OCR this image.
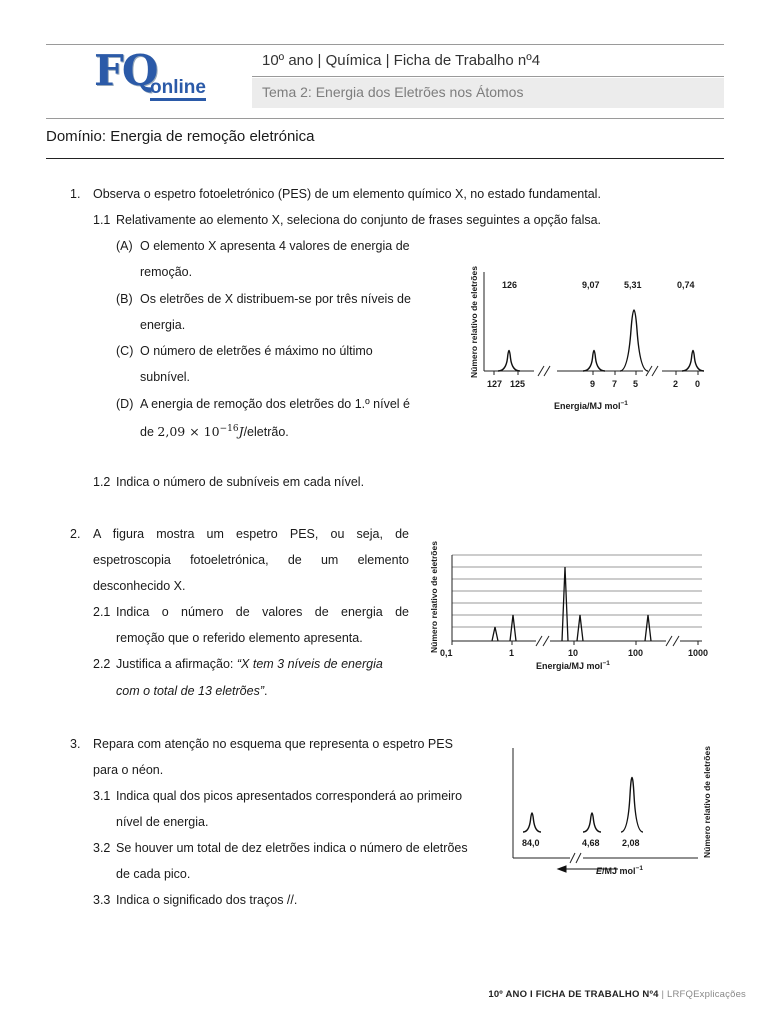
FQ
online
10º ano | Química | Ficha de Trabalho nº4
Tema 2: Energia dos Eletrões nos Átomos
Domínio: Energia de remoção eletrónica
1. Observa o espetro fotoeletrónico (PES) de um elemento químico X, no estado fundamental.
1.1 Relativamente ao elemento X, seleciona do conjunto de frases seguintes a opção falsa.
(A) O elemento X apresenta 4 valores de energia de
remoção.
(B) Os eletrões de X distribuem-se por três níveis de
energia.
(C) O número de eletrões é máximo no último
subnível.
(D) A energia de remoção dos eletrões do 1.º nível é
de $2,09 \times 10^{-16}J$/eletrão.
1.2 Indica o número de subníveis em cada nível.
Número relativo de eletrões	126	9,07	5,31	0,74
127 125	9 7 5	2 0
Energia/MJ mol$^{-1}$
2. A figura mostra um espetro PES, ou seja, de
espetroscopia fotoeletrónica, de um elemento
desconhecido X.
2.1 Indica o número de valores de energia de
remoção que o referido elemento apresenta.
2.2 Justifica a afirmação: “X tem 3 níveis de energia
com o total de 13 eletrões”.
Número relativo de eletrões 0,1	1	10	100	1000
Energia/MJ mol$^{-1}$
3. Repara com atenção no esquema que representa o espetro PES
para o néon.
3.1 Indica qual dos picos apresentados corresponderá ao primeiro
nível de energia.
3.2 Se houver um total de dez eletrões indica o número de eletrões
de cada pico.
3.3 Indica o significado dos traços //.
84,0	4,68 2,08	Número relativo de eletrões
E/MJ mol$^{-1}$
10º ANO I FICHA DE TRABALHO Nº4 | LRFQExplicações
